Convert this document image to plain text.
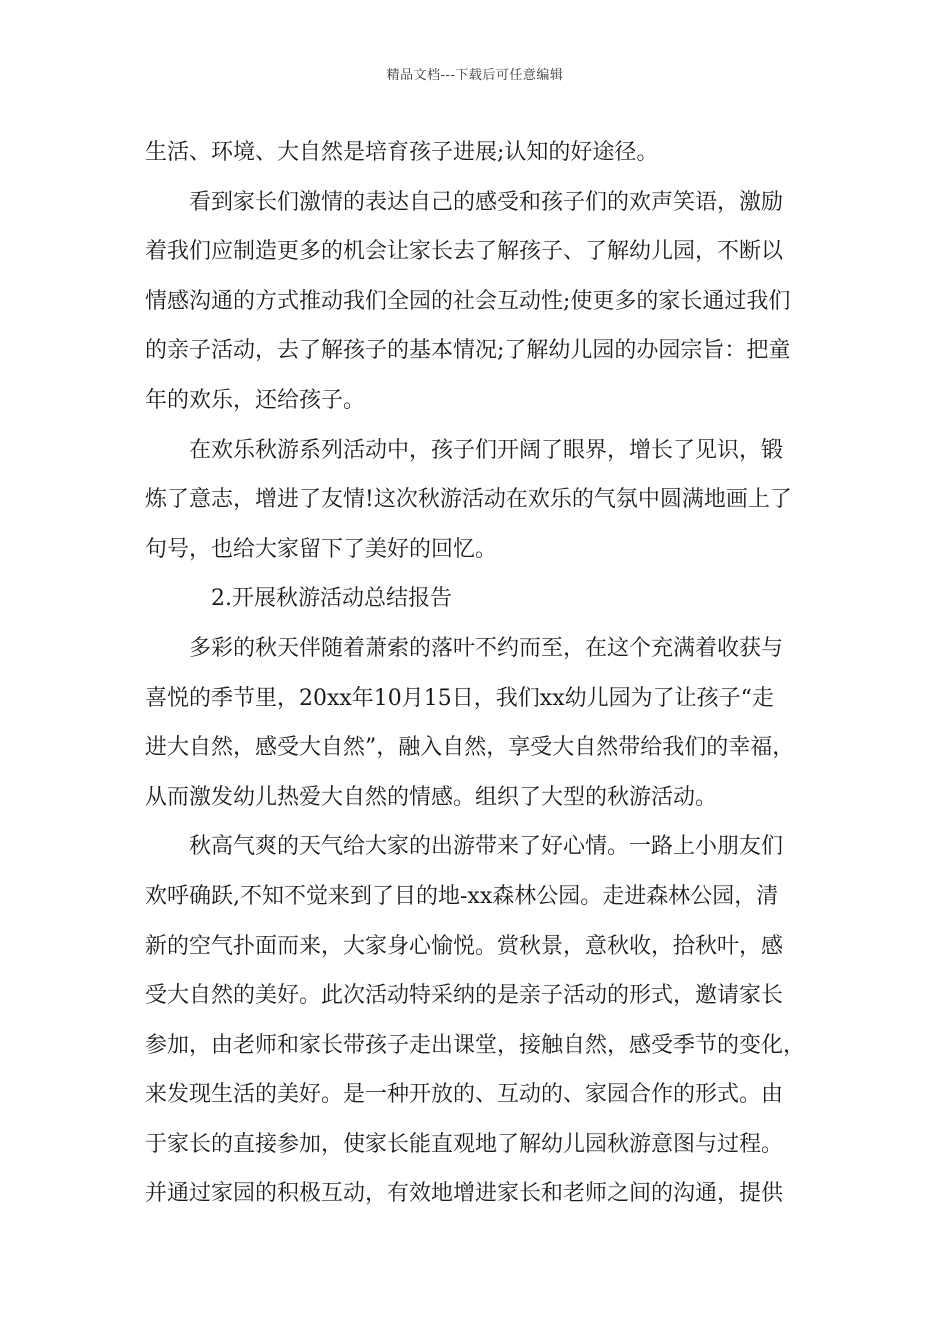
精品文档---下载后可任意编辑
生活、环境、大自然是培育孩子进展;认知的好途径。
看到家长们激情的表达自己的感受和孩子们的欢声笑语，激励
着我们应制造更多的机会让家长去了解孩子、了解幼儿园，不断以
情感沟通的方式推动我们全园的社会互动性;使更多的家长通过我们
的亲子活动，去了解孩子的基本情况;了解幼儿园的办园宗旨：把童
年的欢乐，还给孩子。
在欢乐秋游系列活动中，孩子们开阔了眼界，增长了见识，锻
炼了意志，增进了友情!这次秋游活动在欢乐的气氛中圆满地画上了
句号，也给大家留下了美好的回忆。
2.开展秋游活动总结报告
多彩的秋天伴随着萧索的落叶不约而至，在这个充满着收获与
喜悦的季节里，20xx年10月15日，我们xx幼儿园为了让孩子“走
进大自然，感受大自然”，融入自然，享受大自然带给我们的幸福，
从而激发幼儿热爱大自然的情感。组织了大型的秋游活动。
秋高气爽的天气给大家的出游带来了好心情。一路上小朋友们
欢呼确跃,不知不觉来到了目的地-xx森林公园。走进森林公园，清
新的空气扑面而来，大家身心愉悦。赏秋景，意秋收，拾秋叶，感
受大自然的美好。此次活动特采纳的是亲子活动的形式，邀请家长
参加，由老师和家长带孩子走出课堂，接触自然，感受季节的变化，
来发现生活的美好。是一种开放的、互动的、家园合作的形式。由
于家长的直接参加，使家长能直观地了解幼儿园秋游意图与过程。
并通过家园的积极互动，有效地增进家长和老师之间的沟通，提供
